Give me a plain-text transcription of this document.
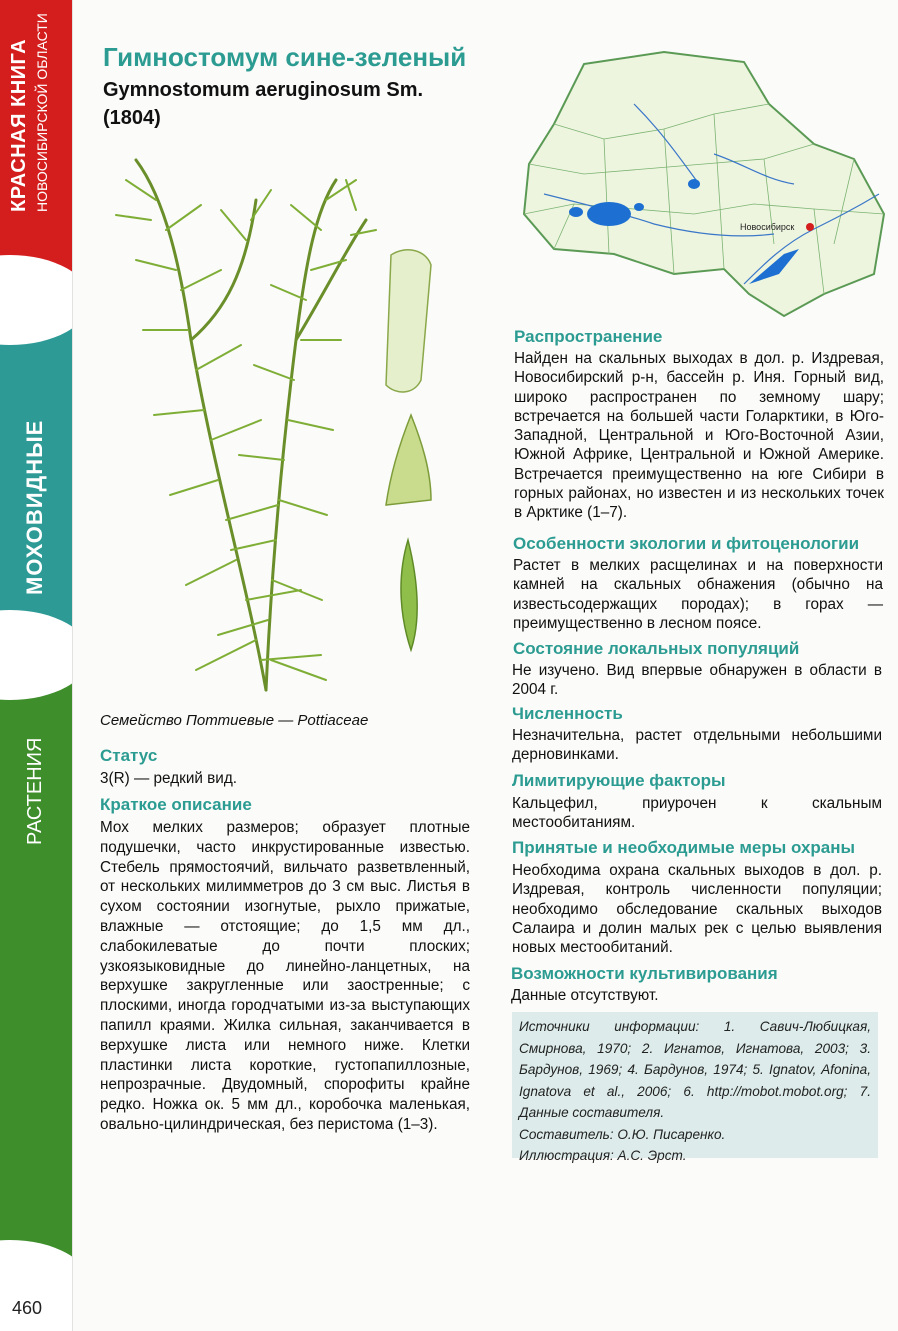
КРАСНАЯ КНИГА НОВОСИБИРСКОЙ ОБЛАСТИ
МОХОВИДНЫЕ
РАСТЕНИЯ
460
Гимностомум сине-зеленый
Gymnostomum aeruginosum Sm.
(1804)
Семейство Поттиевые — Pottiaceae
Статус

3(R) — редкий вид.

Краткое описание

Мох мелких размеров; образует плотные подушечки, часто инкрустированные известью. Стебель прямостоячий, вильчато разветвленный, от нескольких милимметров до 3 см выс. Листья в сухом состоянии изогнутые, рыхло прижатые, влажные — отстоящие; до 1,5 мм дл., слабокилеватые до почти плоских; узкоязыковидные до линейно-ланцетных, на верхушке закругленные или заостренные; с плоскими, иногда городчатыми из-за выступающих папилл краями. Жилка сильная, заканчивается в верхушке листа или немного ниже. Клетки пластинки листа короткие, густопапиллозные, непрозрачные. Двудомный, спорофиты крайне редко. Ножка ок. 5 мм дл., коробочка маленькая, овально-цилиндрическая, без перистома (1–3).

Новосибирск
Распространение

Найден на скальных выходах в дол. р. Издревая, Новосибирский р-н, бассейн р. Иня. Горный вид, широко распространен по земному шару; встречается на большей части Голарктики, в Юго-Западной, Центральной и Юго-Восточной Азии, Южной Африке, Центральной и Южной Америке. Встречается преимущественно на юге Сибири в горных районах, но известен и из нескольких точек в Арктике (1–7).

Особенности экологии и фитоценологии

Растет в мелких расщелинах и на поверхности камней на скальных обнажения (обычно на известьсодержащих породах); в горах — преимущественно в лесном поясе.

Состояние локальных популяций

Не изучено. Вид впервые обнаружен в области в 2004 г.

Численность

Незначительна, растет отдельными небольшими дерновинками.

Лимитирующие факторы

Кальцефил, приурочен к скальным местообитаниям.

Принятые и необходимые меры охраны

Необходима охрана скальных выходов в дол. р. Издревая, контроль численности популяции; необходимо обследование скальных выходов Салаира и долин малых рек с целью выявления новых местообитаний.

Возможности культивирования

Данные отсутствуют.

Источники информации: 1. Савич-Любицкая, Смирнова, 1970; 2. Игнатов, Игнатова, 2003; 3. Бардунов, 1969; 4. Бардунов, 1974; 5. Ignatov, Afonina, Ignatova et al., 2006; 6. http://mobot.mobot.org; 7. Данные составителя.

Составитель: О.Ю. Писаренко.

Иллюстрация: А.С. Эрст.
